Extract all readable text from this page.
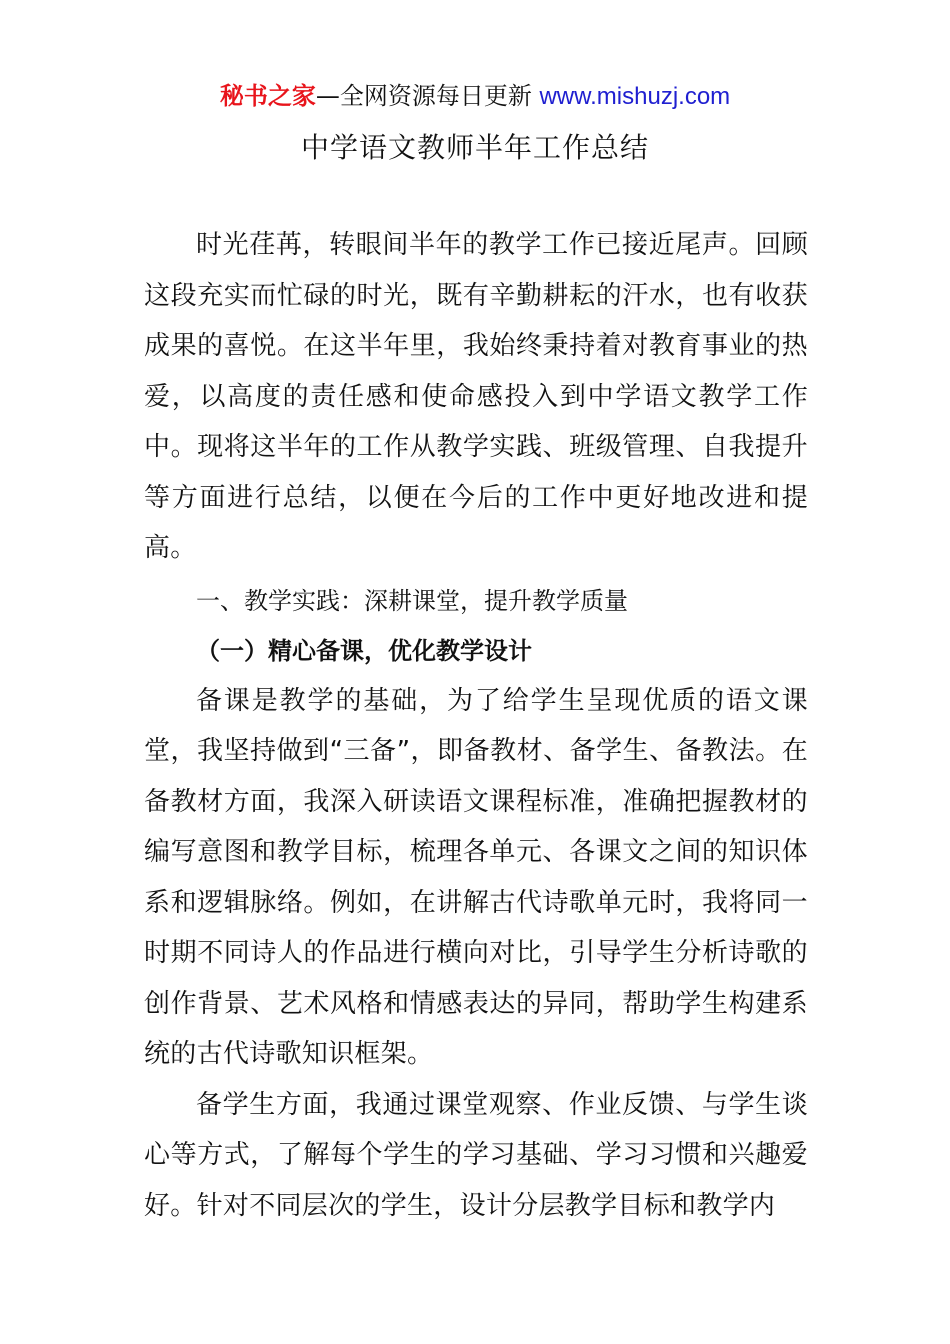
秘书之家—全网资源每日更新 www.mishuzj.com
中学语文教师半年工作总结

时光荏苒，转眼间半年的教学工作已接近尾声。回顾这段充实而忙碌的时光，既有辛勤耕耘的汗水，也有收获成果的喜悦。在这半年里，我始终秉持着对教育事业的热爱，以高度的责任感和使命感投入到中学语文教学工作中。现将这半年的工作从教学实践、班级管理、自我提升等方面进行总结，以便在今后的工作中更好地改进和提高。

一、教学实践：深耕课堂，提升教学质量

（一）精心备课，优化教学设计

备课是教学的基础，为了给学生呈现优质的语文课堂，我坚持做到“三备”，即备教材、备学生、备教法。在备教材方面，我深入研读语文课程标准，准确把握教材的编写意图和教学目标，梳理各单元、各课文之间的知识体系和逻辑脉络。例如，在讲解古代诗歌单元时，我将同一时期不同诗人的作品进行横向对比，引导学生分析诗歌的创作背景、艺术风格和情感表达的异同，帮助学生构建系统的古代诗歌知识框架。

备学生方面，我通过课堂观察、作业反馈、与学生谈心等方式，了解每个学生的学习基础、学习习惯和兴趣爱好。针对不同层次的学生，设计分层教学目标和教学内
